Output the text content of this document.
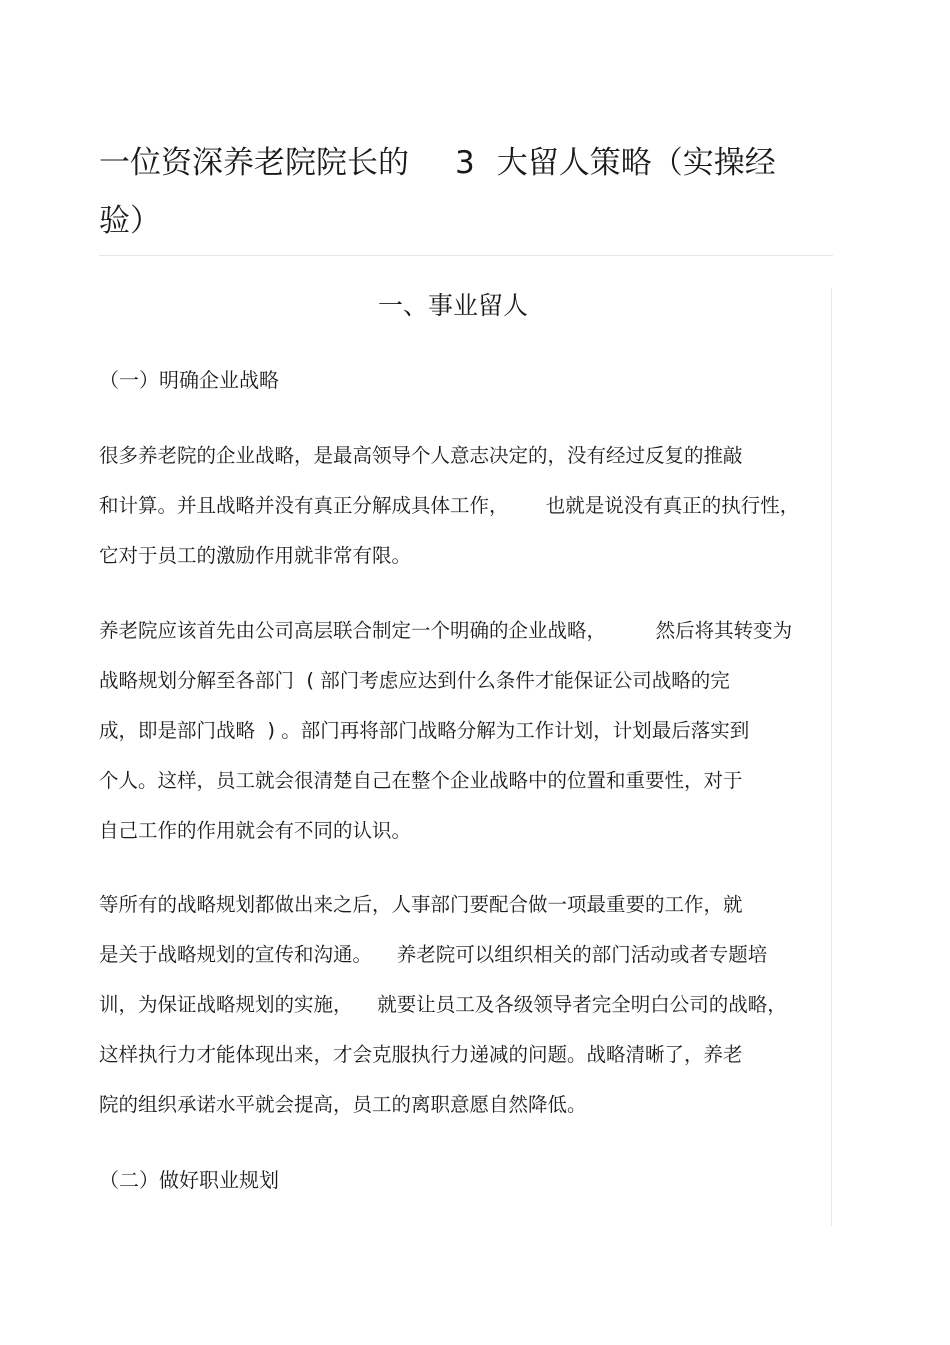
一位资深养老院院长的 3 大留人策略（实操经
验）
一、事业留人
（一）明确企业战略
很多养老院的企业战略，是最高领导个人意志决定的，没有经过反复的推敲
和计算。并且战略并没有真正分解成具体工作，      也就是说没有真正的执行性，
它对于员工的激励作用就非常有限。
养老院应该首先由公司高层联合制定一个明确的企业战略，        然后将其转变为
战略规划分解至各部门  ( 部门考虑应达到什么条件才能保证公司战略的完
成，即是部门战略  ) 。部门再将部门战略分解为工作计划，计划最后落实到
个人。这样，员工就会很清楚自己在整个企业战略中的位置和重要性，对于
自己工作的作用就会有不同的认识。
等所有的战略规划都做出来之后，人事部门要配合做一项最重要的工作，就
是关于战略规划的宣传和沟通。    养老院可以组织相关的部门活动或者专题培
训，为保证战略规划的实施，    就要让员工及各级领导者完全明白公司的战略，
这样执行力才能体现出来，才会克服执行力递减的问题。战略清晰了，养老
院的组织承诺水平就会提高，员工的离职意愿自然降低。
（二）做好职业规划
